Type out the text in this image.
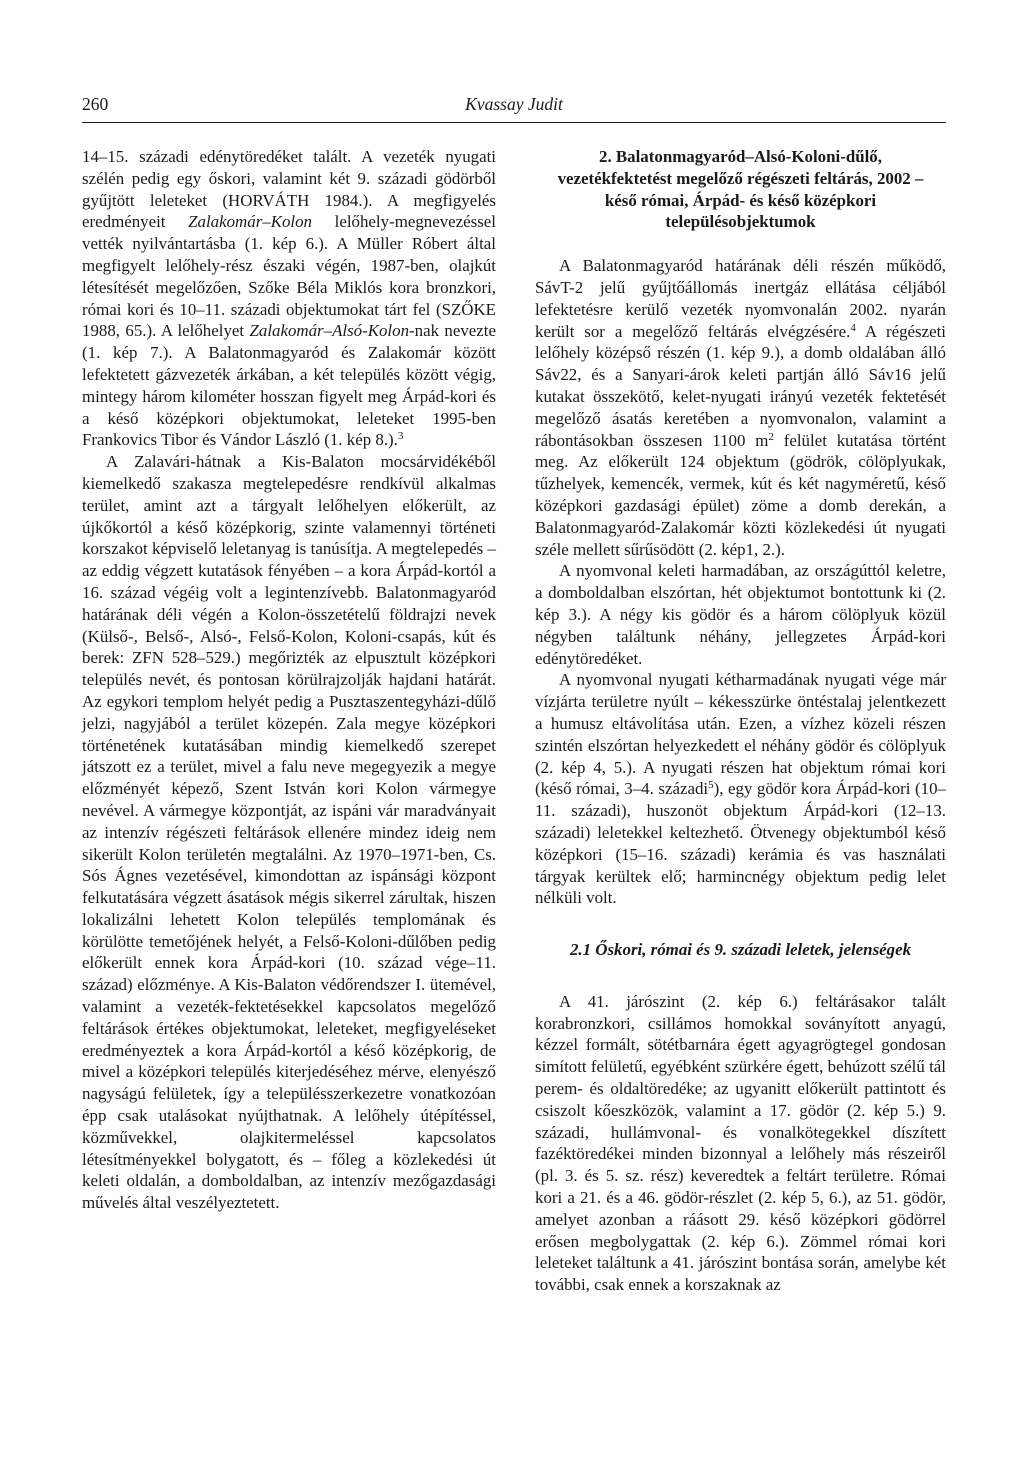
260	Kvassay Judit

14–15. századi edénytöredéket talált. A vezeték nyugati szélén pedig egy őskori, valamint két 9. századi gödörből gyűjtött leleteket (HORVÁTH 1984.). A megfigyelés eredményeit Zalakomár–Kolon lelőhely-megnevezéssel vették nyilvántartásba (1. kép 6.). A Müller Róbert által megfigyelt lelőhely-rész északi végén, 1987-ben, olajkút létesítését megelőzően, Szőke Béla Miklós kora bronzkori, római kori és 10–11. századi objektumokat tárt fel (SZŐKE 1988, 65.). A lelőhelyet Zalakomár–Alsó-Kolon-nak nevezte (1. kép 7.). A Balatonmagyaród és Zalakomár között lefektetett gázvezeték árkában, a két település között végig, mintegy három kilométer hosszan figyelt meg Árpád-kori és a késő középkori objektumokat, leleteket 1995-ben Frankovics Tibor és Vándor László (1. kép 8.).$^3$

A Zalavári-hátnak a Kis-Balaton mocsárvidékéből kiemelkedő szakasza megtelepedésre rendkívül alkalmas terület, amint azt a tárgyalt lelőhelyen előkerült, az újkőkortól a késő középkorig, szinte valamennyi történeti korszakot képviselő leletanyag is tanúsítja. A megtelepedés – az eddig végzett kutatások fényében – a kora Árpád-kortól a 16. század végéig volt a legintenzívebb. Balatonmagyaród határának déli végén a Kolon-összetételű földrajzi nevek (Külső-, Belső-, Alsó-, Felső-Kolon, Koloni-csapás, kút és berek: ZFN 528–529.) megőrizték az elpusztult középkori település nevét, és pontosan körülrajzolják hajdani határát. Az egykori templom helyét pedig a Pusztaszentegyházi-dűlő jelzi, nagyjából a terület közepén. Zala megye középkori történetének kutatásában mindig kiemelkedő szerepet játszott ez a terület, mivel a falu neve megegyezik a megye előzményét képező, Szent István kori Kolon vármegye nevével. A vármegye központját, az ispáni vár maradványait az intenzív régészeti feltárások ellenére mindez ideig nem sikerült Kolon területén megtalálni. Az 1970–1971-ben, Cs. Sós Ágnes vezetésével, kimondottan az ispánsági központ felkutatására végzett ásatások mégis sikerrel zárultak, hiszen lokalizálni lehetett Kolon település templomának és körülötte temetőjének helyét, a Felső-Koloni-dűlőben pedig előkerült ennek kora Árpád-kori (10. század vége–11. század) előzménye. A Kis-Balaton védőrendszer I. ütemével, valamint a vezeték-fektetésekkel kapcsolatos megelőző feltárások értékes objektumokat, leleteket, megfigyeléseket eredményeztek a kora Árpád-kortól a késő középkorig, de mivel a középkori település kiterjedéséhez mérve, elenyésző nagyságú felületek, így a településszerkezetre vonatkozóan épp csak utalásokat nyújthatnak. A lelőhely útépítéssel, közművekkel, olajkitermeléssel kapcsolatos létesítményekkel bolygatott, és – főleg a közlekedési út keleti oldalán, a domboldalban, az intenzív mezőgazdasági művelés által veszélyeztetett.

2. Balatonmagyaród–Alsó-Koloni-dűlő, vezetékfektetést megelőző régészeti feltárás, 2002 – késő római, Árpád- és késő középkori településobjektumok

A Balatonmagyaród határának déli részén működő, SávT-2 jelű gyűjtőállomás inertgáz ellátása céljából lefektetésre kerülő vezeték nyomvonalán 2002. nyarán került sor a megelőző feltárás elvégzésére.$^4$ A régészeti lelőhely középső részén (1. kép 9.), a domb oldalában álló Sáv22, és a Sanyari-árok keleti partján álló Sáv16 jelű kutakat összekötő, kelet-nyugati irányú vezeték fektetését megelőző ásatás keretében a nyomvonalon, valamint a rábontásokban összesen 1100 $m^2$ felület kutatása történt meg. Az előkerült 124 objektum (gödrök, cölöplyukak, tűzhelyek, kemencék, vermek, kút és két nagyméretű, késő középkori gazdasági épület) zöme a domb derekán, a Balatonmagyaród-Zalakomár közti közlekedési út nyugati széle mellett sűrűsödött (2. kép1, 2.).

A nyomvonal keleti harmadában, az országúttól keletre, a domboldalban elszórtan, hét objektumot bontottunk ki (2. kép 3.). A négy kis gödör és a három cölöplyuk közül négyben találtunk néhány, jellegzetes Árpád-kori edénytöredéket.

A nyomvonal nyugati kétharmadának nyugati vége már vízjárta területre nyúlt – kékesszürke öntéstalaj jelentkezett a humusz eltávolítása után. Ezen, a vízhez közeli részen szintén elszórtan helyezkedett el néhány gödör és cölöplyuk (2. kép 4, 5.). A nyugati részen hat objektum római kori (késő római, 3–4. századi$^5$), egy gödör kora Árpád-kori (10–11. századi), huszonöt objektum Árpád-kori (12–13. századi) leletekkel keltezhető. Ötvenegy objektumból késő középkori (15–16. századi) kerámia és vas használati tárgyak kerültek elő; harmincnégy objektum pedig lelet nélküli volt.

2.1 Őskori, római és 9. századi leletek, jelenségek

A 41. járószint (2. kép 6.) feltárásakor talált korabronzkori, csillámos homokkal soványított anyagú, kézzel formált, sötétbarnára égett agyagrögtegel gondosan simított felületű, egyébként szürkére égett, behúzott szélű tál perem- és oldaltöredéke; az ugyanitt előkerült pattintott és csiszolt kőeszközök, valamint a 17. gödör (2. kép 5.) 9. századi, hullámvonal- és vonalkötegekkel díszített fazéktöredékei minden bizonnyal a lelőhely más részeiről (pl. 3. és 5. sz. rész) keveredtek a feltárt területre. Római kori a 21. és a 46. gödör-részlet (2. kép 5, 6.), az 51. gödör, amelyet azonban a ráásott 29. késő középkori gödörrel erősen megbolygattak (2. kép 6.). Zömmel római kori leleteket találtunk a 41. járószint bontása során, amelybe két további, csak ennek a korszaknak az
